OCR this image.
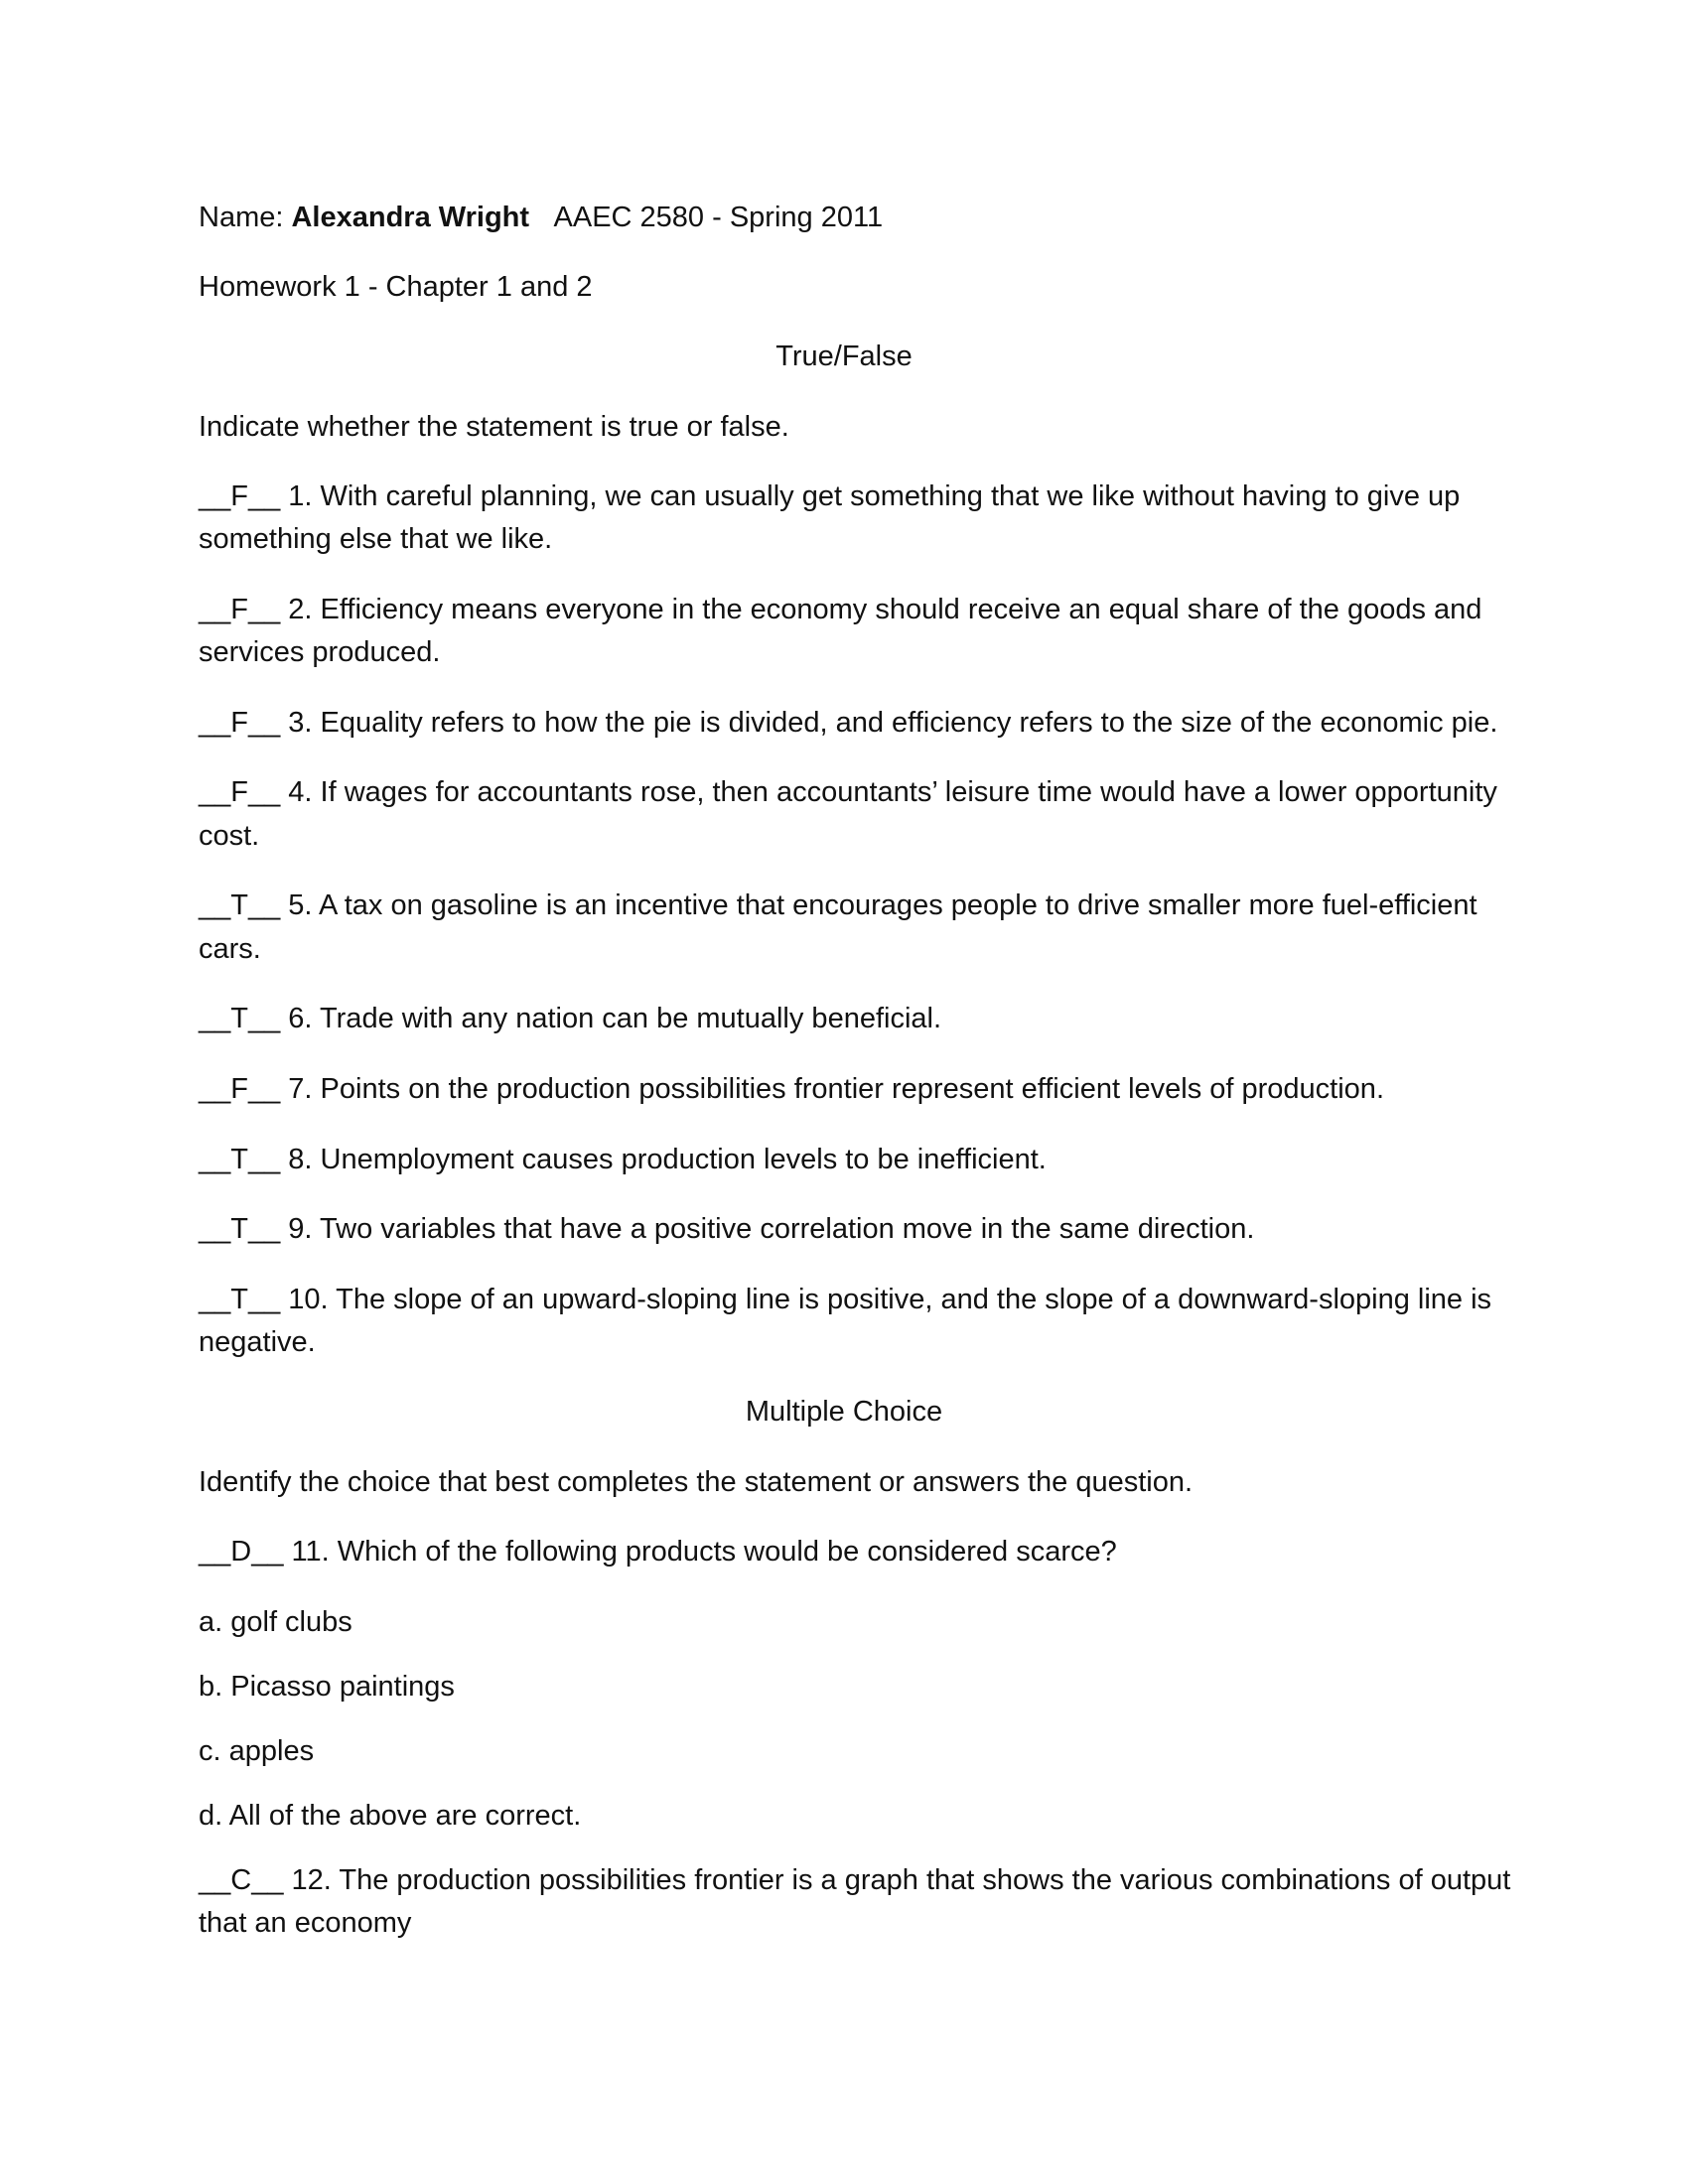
Name: Alexandra Wright AAEC 2580 - Spring 2011
Homework 1 - Chapter 1 and 2
True/False
Indicate whether the statement is true or false.
__F__ 1. With careful planning, we can usually get something that we like without having to give up
something else that we like.
__F__ 2. Efficiency means everyone in the economy should receive an equal share of the goods and
services produced.
__F__ 3. Equality refers to how the pie is divided, and efficiency refers to the size of the economic pie.
__F__ 4. If wages for accountants rose, then accountants’ leisure time would have a lower opportunity
cost.
__T__ 5. A tax on gasoline is an incentive that encourages people to drive smaller more fuel-efficient
cars.
__T__ 6. Trade with any nation can be mutually beneficial.
__F__ 7. Points on the production possibilities frontier represent efficient levels of production.
__T__ 8. Unemployment causes production levels to be inefficient.
__T__ 9. Two variables that have a positive correlation move in the same direction.
__T__ 10. The slope of an upward-sloping line is positive, and the slope of a downward-sloping line is
negative.
Multiple Choice
Identify the choice that best completes the statement or answers the question.
__D__ 11. Which of the following products would be considered scarce?
a. golf clubs
b. Picasso paintings
c. apples
d. All of the above are correct.
__C__ 12. The production possibilities frontier is a graph that shows the various combinations of output
that an economy
